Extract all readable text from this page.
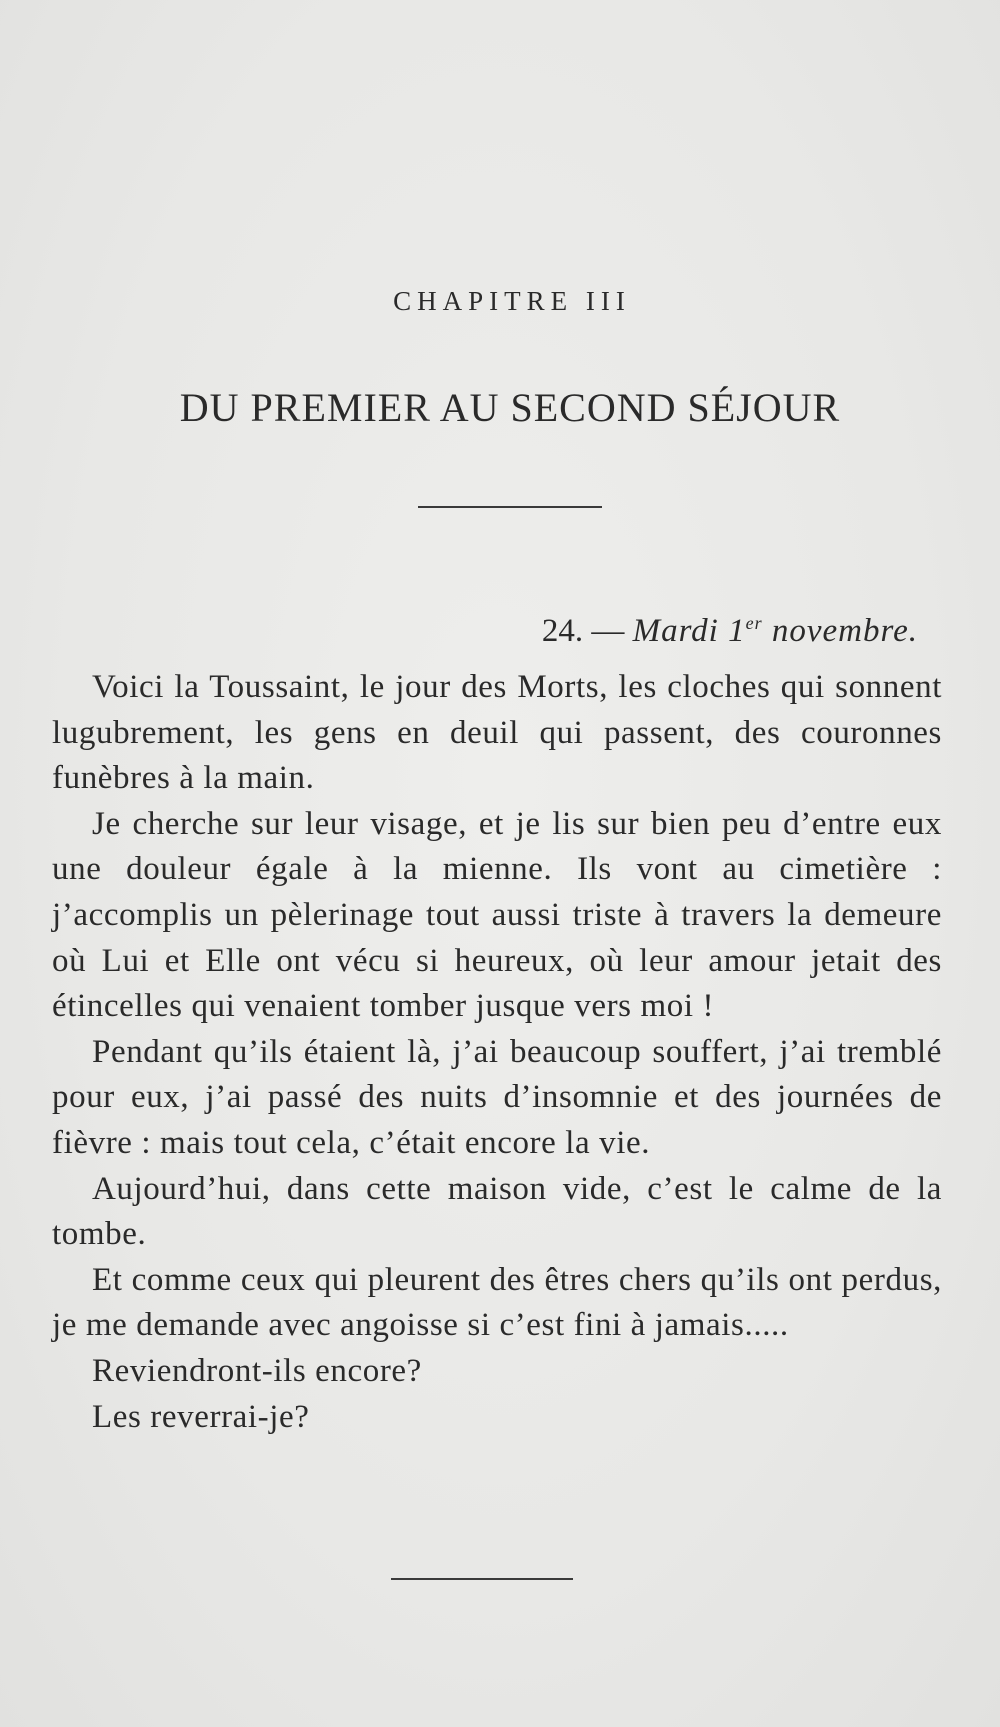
CHAPITRE III
DU PREMIER AU SECOND SÉJOUR
24. — Mardi 1er novembre.

Voici la Toussaint, le jour des Morts, les cloches qui sonnent lugubrement, les gens en deuil qui passent, des couronnes funèbres à la main.

Je cherche sur leur visage, et je lis sur bien peu d’entre eux une douleur égale à la mienne. Ils vont au cimetière : j’accomplis un pèlerinage tout aussi triste à travers la demeure où Lui et Elle ont vécu si heureux, où leur amour jetait des étincelles qui venaient tomber jusque vers moi !

Pendant qu’ils étaient là, j’ai beaucoup souffert, j’ai tremblé pour eux, j’ai passé des nuits d’insomnie et des journées de fièvre : mais tout cela, c’était encore la vie.

Aujourd’hui, dans cette maison vide, c’est le calme de la tombe.

Et comme ceux qui pleurent des êtres chers qu’ils ont perdus, je me demande avec angoisse si c’est fini à jamais.....

Reviendront-ils encore?

Les reverrai-je?
